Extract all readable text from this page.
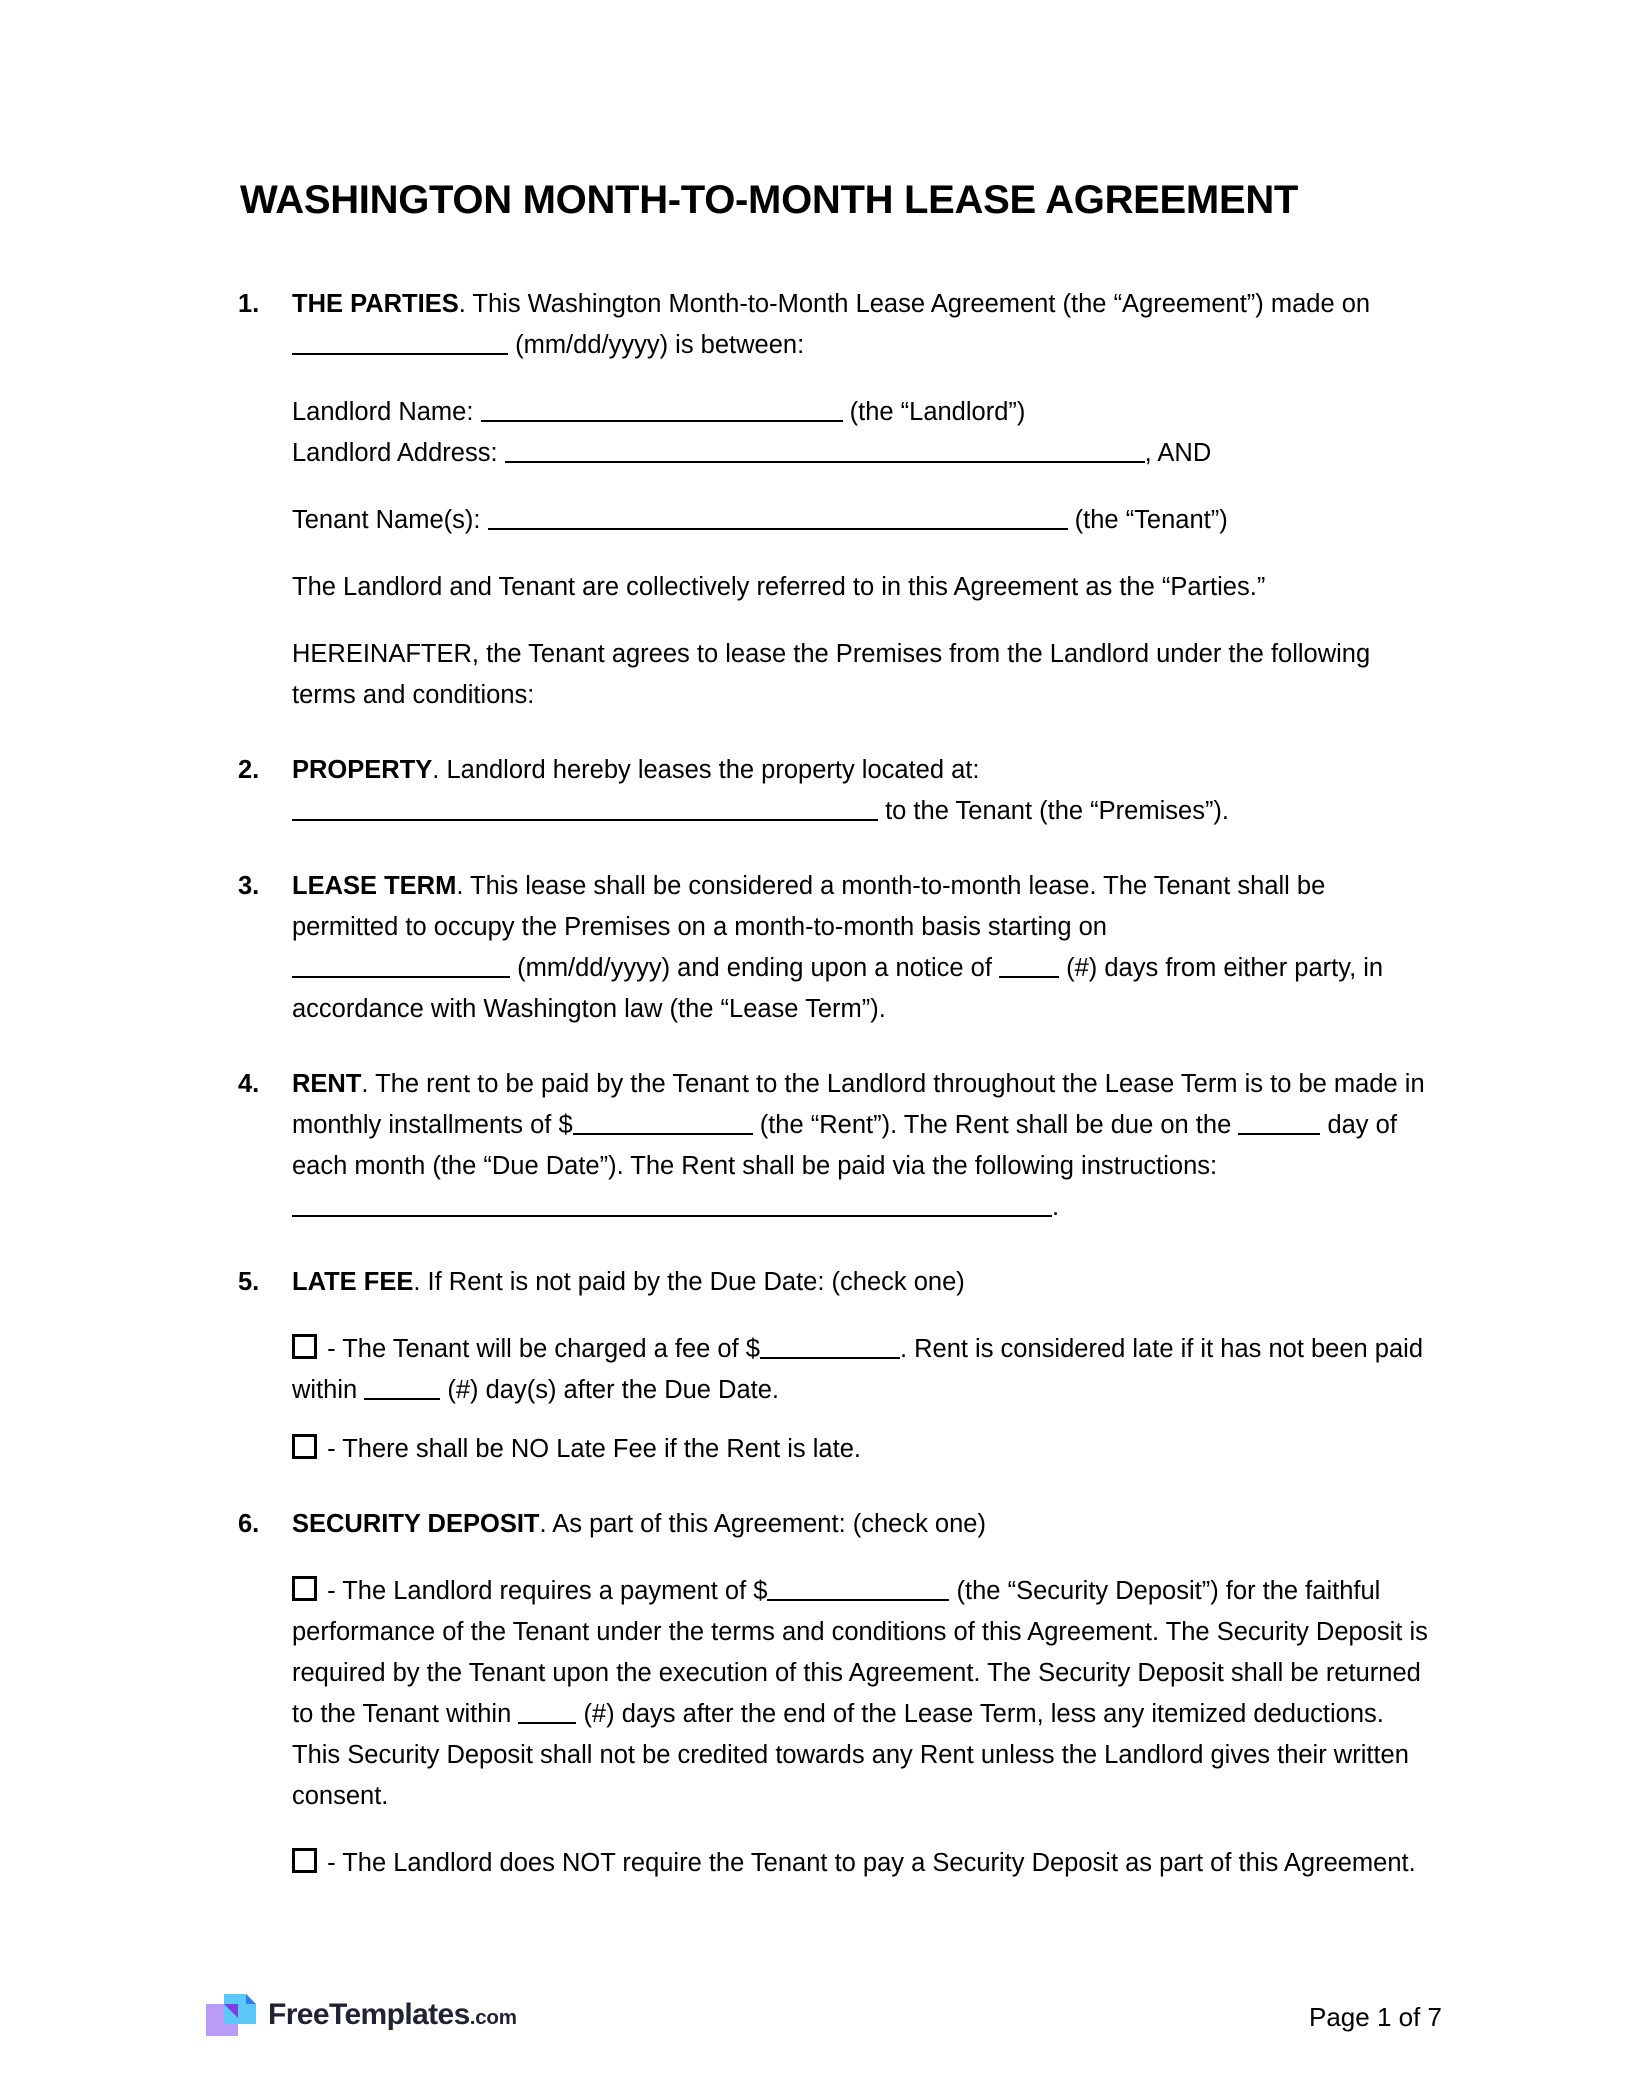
WASHINGTON MONTH-TO-MONTH LEASE AGREEMENT
1. THE PARTIES. This Washington Month-to-Month Lease Agreement (the “Agreement”) made on  (mm/dd/yyyy) is between:
Landlord Name:	(the “Landlord”)
Landlord Address:	, AND
Tenant Name(s):	(the “Tenant”)
The Landlord and Tenant are collectively referred to in this Agreement as the “Parties.”
HEREINAFTER, the Tenant agrees to lease the Premises from the Landlord under the following terms and conditions:
2. PROPERTY. Landlord hereby leases the property located at:
to the Tenant (the “Premises”).
3. LEASE TERM. This lease shall be considered a month-to-month lease. The Tenant shall be permitted to occupy the Premises on a month-to-month basis starting on
(mm/dd/yyyy) and ending upon a notice of  (#) days from either party, in accordance with Washington law (the “Lease Term”).
4. RENT. The rent to be paid by the Tenant to the Landlord throughout the Lease Term is to be made in monthly installments of $	(the “Rent”). The Rent shall be due on the	day of each month (the “Due Date”). The Rent shall be paid via the following instructions: .
5. LATE FEE. If Rent is not paid by the Due Date: (check one)
- The Tenant will be charged a fee of $	. Rent is considered late if it has not been paid within	(#) day(s) after the Due Date.
- There shall be NO Late Fee if the Rent is late.
6. SECURITY DEPOSIT. As part of this Agreement: (check one)
- The Landlord requires a payment of $	(the “Security Deposit”) for the faithful performance of the Tenant under the terms and conditions of this Agreement. The Security Deposit is required by the Tenant upon the execution of this Agreement. The Security Deposit shall be returned to the Tenant within  (#) days after the end of the Lease Term, less any itemized deductions. This Security Deposit shall not be credited towards any Rent unless the Landlord gives their written consent.
- The Landlord does NOT require the Tenant to pay a Security Deposit as part of this Agreement.
FreeTemplates.com	Page 1 of 7
